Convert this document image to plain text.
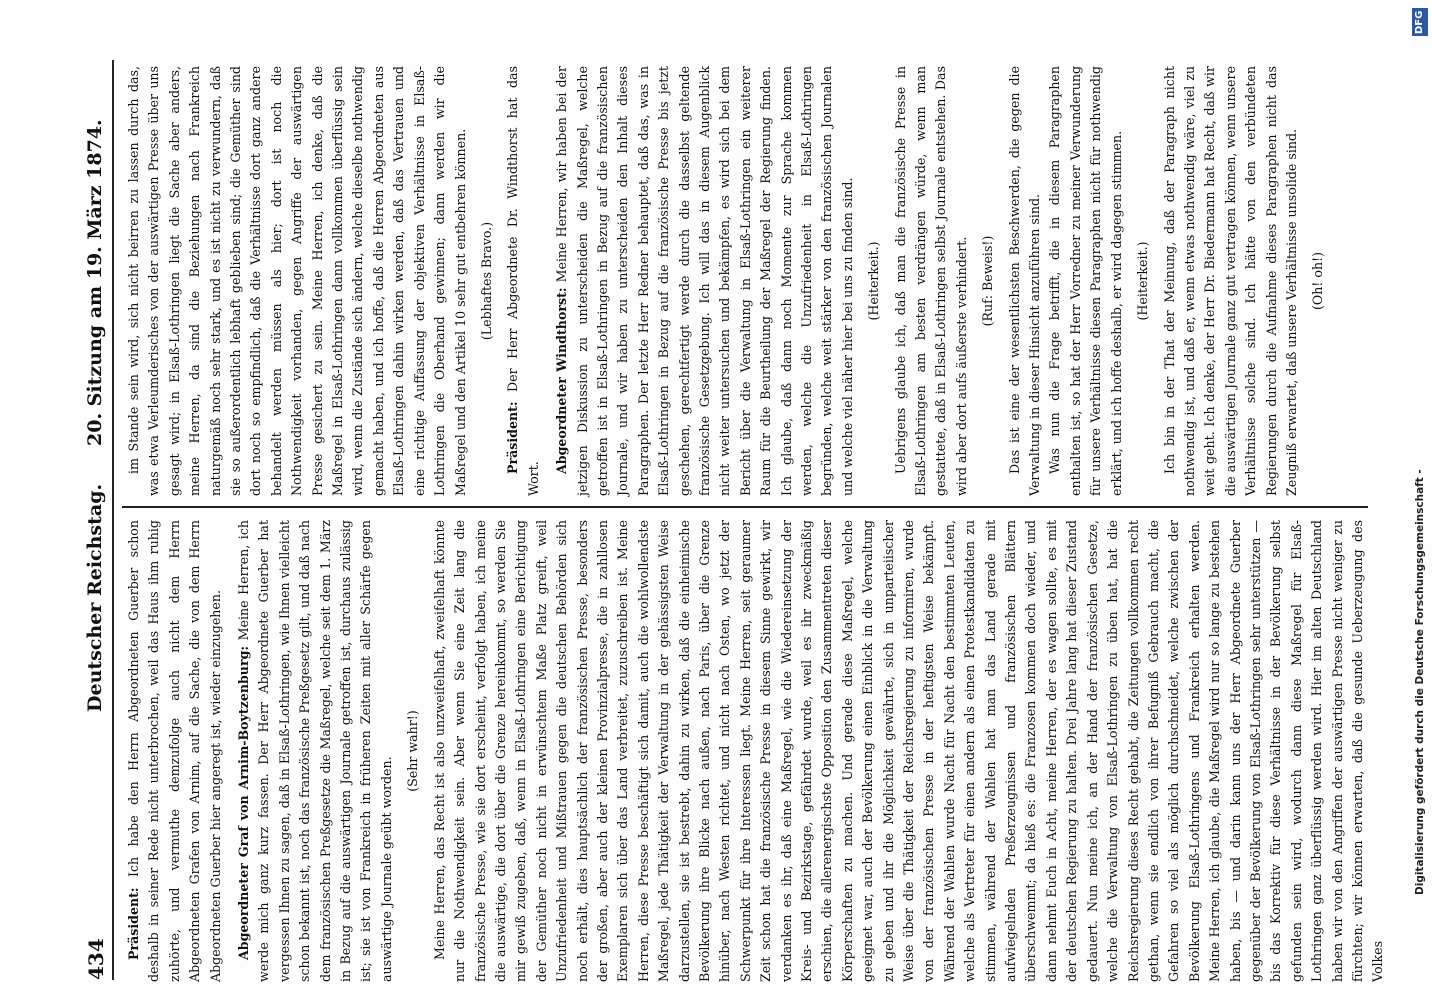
434
Deutscher Reichstag.
20. Sitzung am 19. März 1874.

Präsident: Ich habe den Herrn Abgeordneten Guerber schon deshalb in seiner Rede nicht unterbrochen, weil das Haus ihm ruhig zuhörte, und vermuthe demzufolge auch nicht dem Herrn Abgeordneten Grafen von Arnim, auf die Sache, die von dem Herrn Abgeordneten Guerber hier angeregt ist, wieder einzugehen. Abgeordneter Graf von Arnim-Boytzenburg: Meine Herren, ich werde mich ganz kurz fassen. Der Herr Abgeordnete Guerber hat vergessen Ihnen zu sagen, daß in Elsaß-Lothringen, wie Ihnen vielleicht schon bekannt ist, noch das französische Preßgesetz gilt, und daß nach dem französischen Preßgesetze die Maßregel, welche seit dem 1. März in Bezug auf die auswärtigen Journale getroffen ist, durchaus zulässig ist; sie ist von Frankreich in früheren Zeiten mit aller Schärfe gegen auswärtige Journale geübt worden.

(Sehr wahr!) Meine Herren, das Recht ist also unzweifelhaft, zweifelhaft könnte nur die Nothwendigkeit sein. Aber wenn Sie eine Zeit lang die französische Presse, wie sie dort erscheint, verfolgt haben, ich meine die auswärtige, die dort über die Grenze hereinkommt, so werden Sie mir gewiß zugeben, daß, wenn in Elsaß-Lothringen eine Berichtigung der Gemüther noch nicht in erwünschtem Maße Platz greift, weil Unzufriedenheit und Mißtrauen gegen die deutschen Behörden sich noch erhält, dies hauptsächlich der französischen Presse, besonders der großen, aber auch der kleinen Provinzialpresse, die in zahllosen Exemplaren sich über das Land verbreitet, zuzuschreiben ist. Meine Herren, diese Presse beschäftigt sich damit, auch die wohlwollendste Maßregel, jede Thätigkeit der Verwaltung in der gehässigsten Weise darzustellen, sie ist bestrebt, dahin zu wirken, daß die einheimische Bevölkerung ihre Blicke nach außen, nach Paris, über die Grenze hinüber, nach Westen richtet, und nicht nach Osten, wo jetzt der Schwerpunkt für ihre Interessen liegt. Meine Herren, seit geraumer Zeit schon hat die französische Presse in diesem Sinne gewirkt, wir verdanken es ihr, daß eine Maßregel, wie die Wiedereinsetzung der Kreis- und Bezirkstage, gefährdet wurde, weil es ihr zweckmäßig erschien, die allerenergischste Opposition den Zusammentreten dieser Körperschaften zu machen. Und gerade diese Maßregel, welche geeignet war, auch der Bevölkerung einen Einblick in die Verwaltung zu geben und ihr die Möglichkeit gewährte, sich in unparteiischer Weise über die Thätigkeit der Reichsregierung zu informiren, wurde von der französischen Presse in der heftigsten Weise bekämpft. Während der Wahlen wurde Nacht für Nacht den bestimmten Leuten, welche als Vertreter für einen andern als einen Protestkandidaten zu stimmen, während der Wahlen hat man das Land gerade mit aufwiegelnden Preßerzeugnissen und französischen Blättern überschwemmt; da hieß es: die Franzosen kommen doch wieder, und dann nehmt Euch in Acht, meine Herren, der es wagen sollte, es mit der deutschen Regierung zu halten. Drei Jahre lang hat dieser Zustand gedauert. Nun meine ich, an der Hand der französischen Gesetze, welche die Verwaltung von Elsaß-Lothringen zu üben hat, hat die Reichsregierung dieses Recht gehabt, die Zeitungen vollkommen recht gethan, wenn sie endlich von ihrer Befugniß Gebrauch macht, die Gefahren so viel als möglich durchschneidet, welche zwischen der Bevölkerung Elsaß-Lothringens und Frankreich erhalten werden. Meine Herren, ich glaube, die Maßregel wird nur so lange zu bestehen haben, bis — und darin kann uns der Herr Abgeordnete Guerber gegenüber der Bevölkerung von Elsaß-Lothringen sehr unterstützen — bis das Korrektiv für diese Verhältnisse in der Bevölkerung selbst gefunden sein wird, wodurch dann diese Maßregel für Elsaß-Lothringen ganz überflüssig werden wird. Hier im alten Deutschland haben wir von den Angriffen der auswärtigen Presse nicht weniger zu fürchten; wir können erwarten, daß die gesunde Ueberzeugung des Volkes

im Stande sein wird, sich nicht beirren zu lassen durch das, was etwa Verleumderisches von der auswärtigen Presse über uns gesagt wird; in Elsaß-Lothringen liegt die Sache aber anders, meine Herren, da sind die Beziehungen nach Frankreich naturgemäß noch sehr stark, und es ist nicht zu verwundern, daß sie so außerordentlich lebhaft geblieben sind; die Gemüther sind dort noch so empfindlich, daß die Verhältnisse dort ganz andere behandelt werden müssen als hier; dort ist noch die Nothwendigkeit vorhanden, gegen Angriffe der auswärtigen Presse gesichert zu sein. Meine Herren, ich denke, daß die Maßregel in Elsaß-Lothringen dann vollkommen überflüssig sein wird, wenn die Zustände sich ändern, welche dieselbe nothwendig gemacht haben, und ich hoffe, daß die Herren Abgeordneten aus Elsaß-Lothringen dahin wirken werden, daß das Vertrauen und eine richtige Auffassung der objektiven Verhältnisse in Elsaß-Lothringen die Oberhand gewinnen; dann werden wir die Maßregel und den Artikel 10 sehr gut entbehren können. (Lebhaftes Bravo.)

Präsident: Der Herr Abgeordnete Dr. Windthorst hat das Wort.

Abgeordneter Windthorst: Meine Herren, wir haben bei der jetzigen Diskussion zu unterscheiden die Maßregel, welche getroffen ist in Elsaß-Lothringen in Bezug auf die französischen Journale, und wir haben zu unterscheiden den Inhalt dieses Paragraphen. Der letzte Herr Redner behauptet, daß das, was in Elsaß-Lothringen in Bezug auf die französische Presse bis jetzt geschehen, gerechtfertigt werde durch die dasselbst geltende französische Gesetzgebung. Ich will das in diesem Augenblick nicht weiter untersuchen und bekämpfen, es wird sich bei dem Bericht über die Verwaltung in Elsaß-Lothringen ein weiterer Raum für die Beurtheilung der Maßregel der Regierung finden. Ich glaube, daß dann noch Momente zur Sprache kommen werden, welche die Unzufriedenheit in Elsaß-Lothringen begründen, welche weit stärker von den französischen Journalen und welche viel näher hier bei uns zu finden sind. (Heiterkeit.) Uebrigens glaube ich, daß man die französische Presse in Elsaß-Lothringen am besten verdrängen würde, wenn man gestattete, daß in Elsaß-Lothringen selbst Journale entstehen. Das wird aber dort aufs äußerste verhindert. (Ruf: Beweis!) Das ist eine der wesentlichsten Beschwerden, die gegen die Verwaltung in dieser Hinsicht anzuführen sind. Was nun die Frage betrifft, die in diesem Paragraphen enthalten ist, so hat der Herr Vorredner zu meiner Verwunderung für unsere Verhältnisse diesen Paragraphen nicht für nothwendig erklärt, und ich hoffe deshalb, er wird dagegen stimmen. (Heiterkeit.) Ich bin in der That der Meinung, daß der Paragraph nicht nothwendig ist, und daß er, wenn etwas nothwendig wäre, viel zu weit geht. Ich denke, der Herr Dr. Biedermann hat Recht, daß wir die auswärtigen Journale ganz gut vertragen können, wenn unsere Verhältnisse solche sind. Ich hätte von den verbündeten Regierungen durch die Aufnahme dieses Paragraphen nicht das Zeugniß erwartet, daß unsere Verhältnisse unsolide sind. (Oh! oh!)

Digitalisierung gefördert durch die Deutsche Forschungsgemeinschaft -
DFG
